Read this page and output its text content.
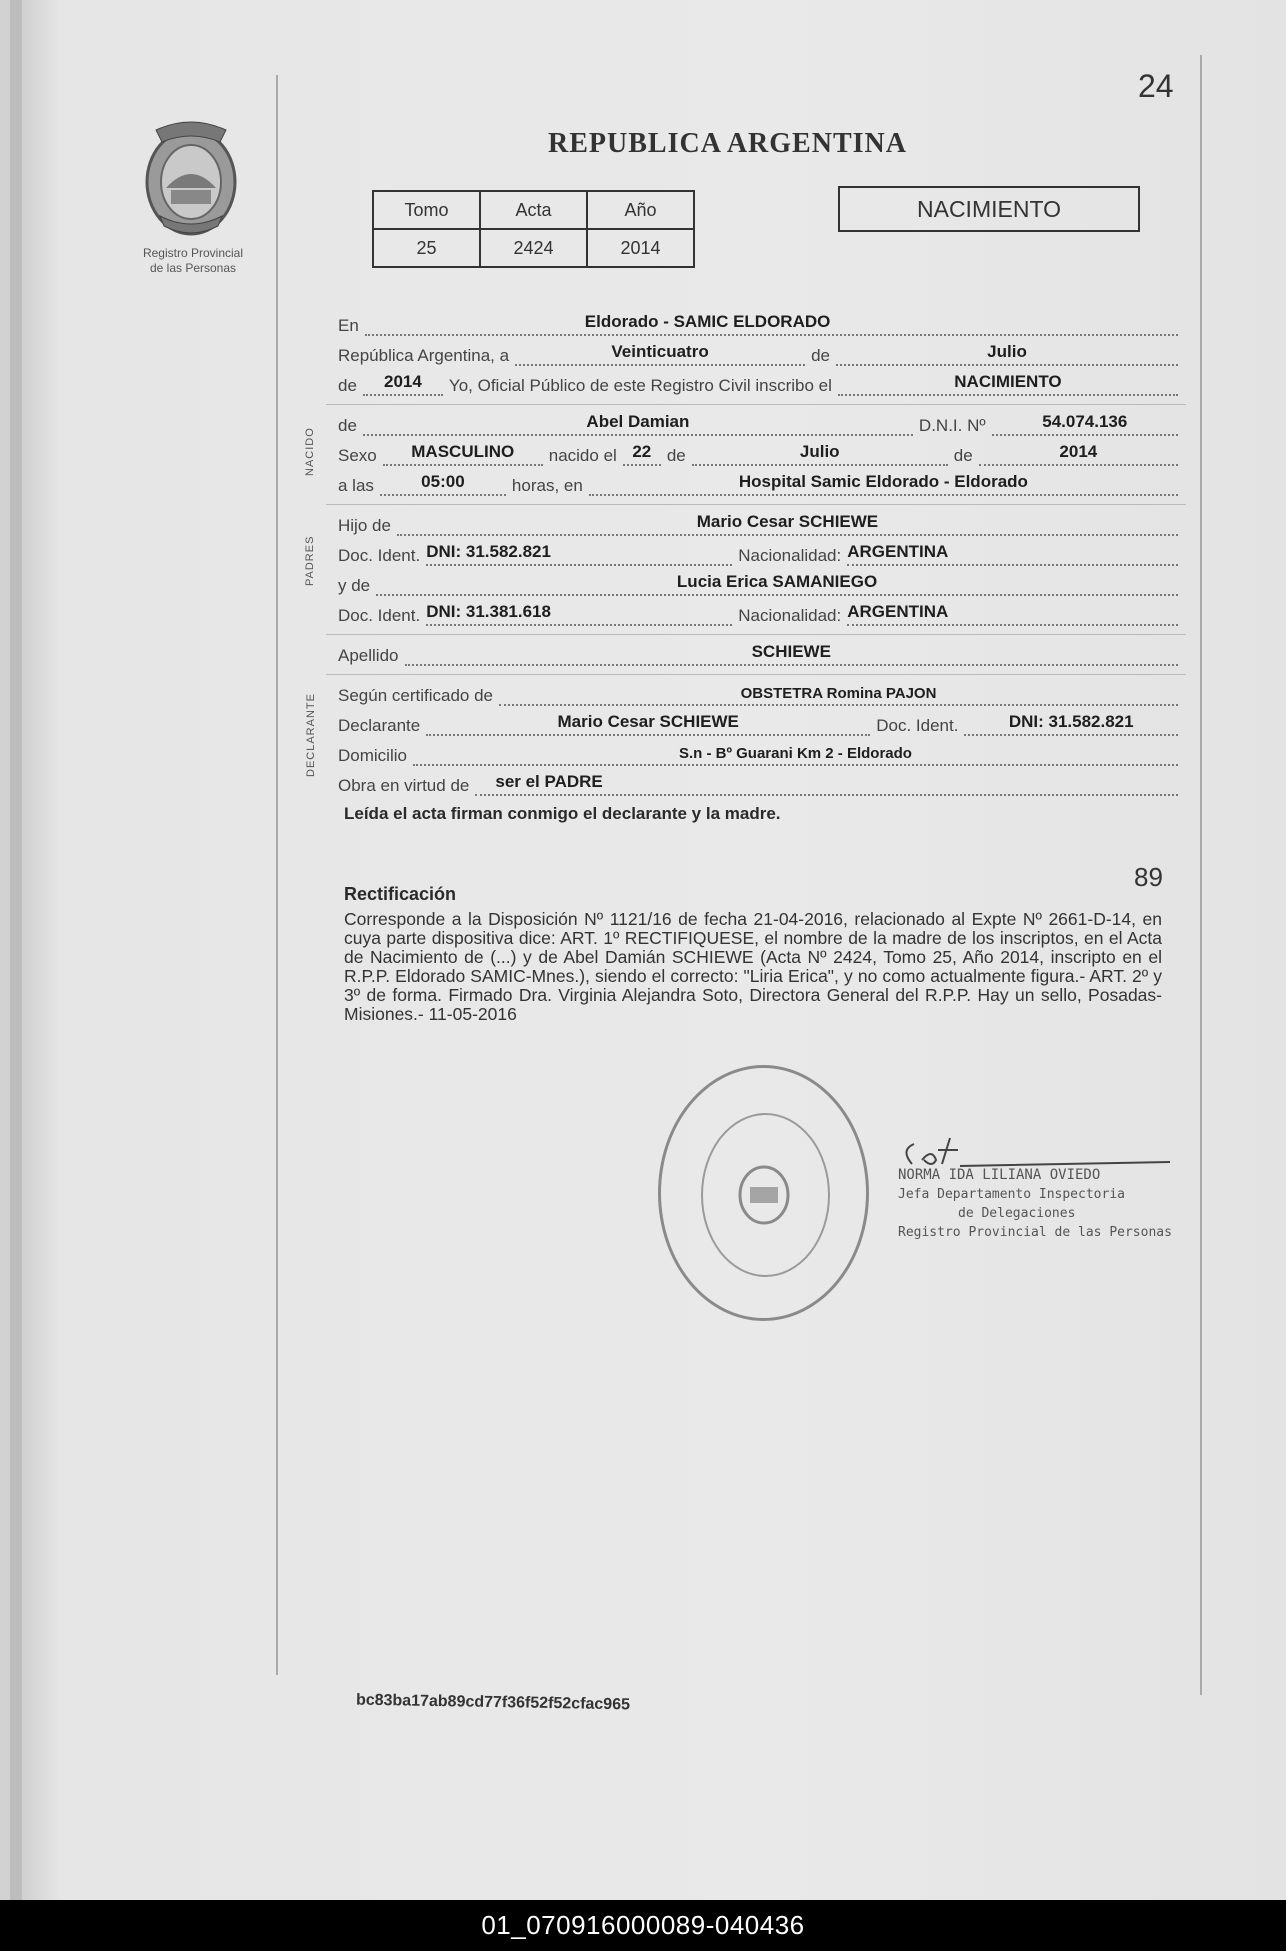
Registro Provincial
de las Personas
24
REPUBLICA ARGENTINA
Tomo	Acta	Año
25	2424	2014
NACIMIENTO
En	Eldorado - SAMIC ELDORADO
República Argentina, a	Veinticuatro	de	Julio
de	2014	Yo, Oficial Público de este Registro Civil inscribo el	NACIMIENTO
NACIDO
de	Abel Damian	D.N.I. Nº	54.074.136
Sexo	MASCULINO	nacido el 22 de	Julio	de	2014
a las	05:00	horas, en	Hospital Samic Eldorado - Eldorado
PADRES
Hijo de	Mario Cesar SCHIEWE
Doc. Ident. DNI: 31.582.821	Nacionalidad: ARGENTINA
y de	Lucia Erica SAMANIEGO
Doc. Ident. DNI: 31.381.618	Nacionalidad: ARGENTINA
Apellido	SCHIEWE
DECLARANTE Según certificado de	OBSTETRA Romina PAJON
Declarante	Mario Cesar SCHIEWE	Doc. Ident.	DNI: 31.582.821
Domicilio	S.n - Bº Guarani Km 2 - Eldorado
Obra en virtud de ser el PADRE
Leída el acta firman conmigo el declarante y la madre.
89
Rectificación
Corresponde a la Disposición Nº 1121/16 de fecha 21-04-2016, relacionado al Expte Nº 2661-D-14, en cuya parte dispositiva dice: ART. 1º RECTIFIQUESE, el nombre de la madre de los inscriptos, en el Acta de Nacimiento de (...) y de Abel Damián SCHIEWE (Acta Nº 2424, Tomo 25, Año 2014, inscripto en el R.P.P. Eldorado SAMIC-Mnes.), siendo el correcto: "Liria Erica", y no como actualmente figura.- ART. 2º y 3º de forma. Firmado Dra. Virginia Alejandra Soto, Directora General del R.P.P. Hay un sello, Posadas- Misiones.- 11-05-2016
NORMA IDA LILIANA OVIEDO
Jefa Departamento Inspectoria
de Delegaciones
Registro Provincial de las Personas
bc83ba17ab89cd77f36f52f52cfac965
01_070916000089-040436
